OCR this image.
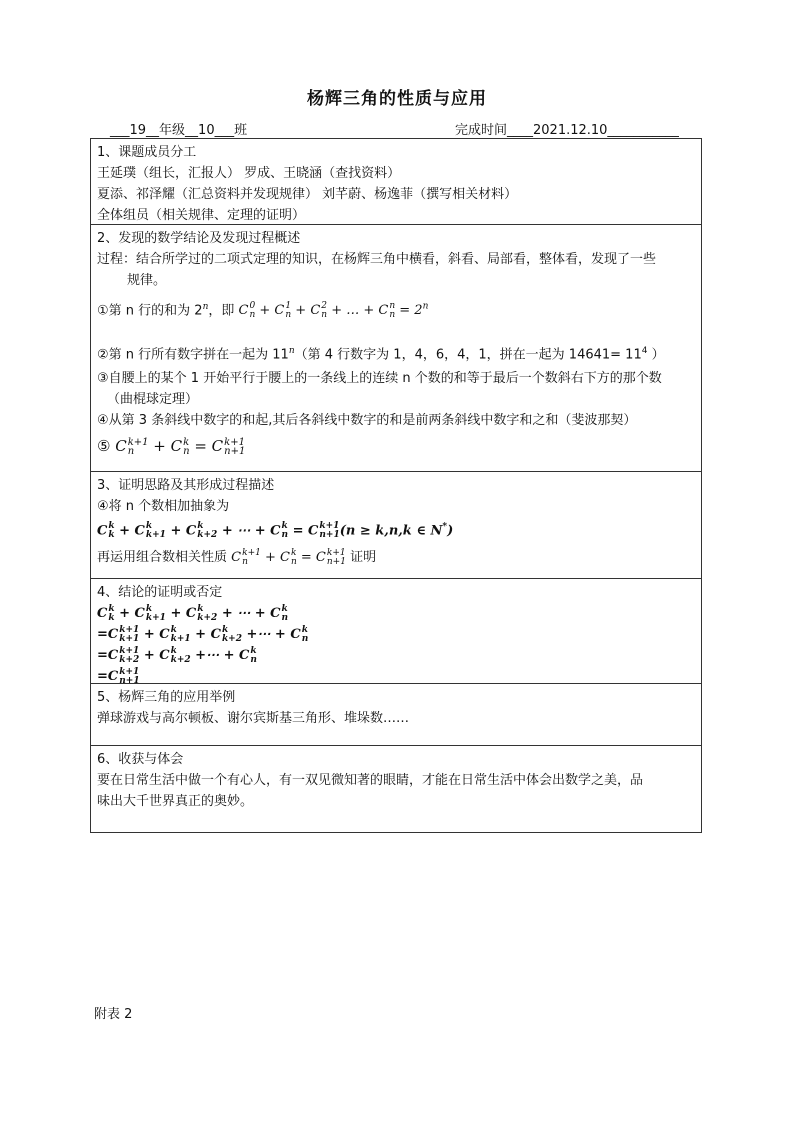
杨辉三角的性质与应用
___19__年级__10___班	完成时间____2021.12.10___________
1、课题成员分工
王延璞（组长，汇报人） 罗成、王晓涵（查找资料）
夏添、祁泽耀（汇总资料并发现规律） 刘芊蔚、杨逸菲（撰写相关材料）
全体组员（相关规律、定理的证明）
2、发现的数学结论及发现过程概述
过程：结合所学过的二项式定理的知识，在杨辉三角中横看，斜看、局部看，整体看，发现了一些
规律。
①第 n 行的和为 2$^n$，即 C 0
n + C 1
n + C 2
n + … + C n
$n = 2^n$
②第 n 行所有数字拼在一起为 11$^n$（第 4 行数字为 1，4，6，4，1，拼在一起为 $14641= 11^4$ ）
③自腰上的某个 1 开始平行于腰上的一条线上的连续 n 个数的和等于最后一个数斜右下方的那个数
（曲棍球定理）
④从第 3 条斜线中数字的和起,其后各斜线中数字的和是前两条斜线中数字和之和（斐波那契）
⑤ C k+1
n + C k
n = C k+1
n+1
3、证明思路及其形成过程描述
④将 n 个数相加抽象为
C k
k + C k
k+1 + C k
k+2 + ⋯ + C k
n = C k+1
n+1 (n ≥ k,n,k ∈ N*)
再运用组合数相关性质 C k+1
n + C k
n = C k+1
n+1 证明
4、结论的证明或否定
C k
k + C k
k+1 + C k
k+2 + ⋯ + C k
n
=C k+1
k+1 + C k
k+1 + C k
k+2 +⋯ + C k
n
=C k+1
k+2 + C k
k+2 +⋯ + C k
n
=C k+1
n+1
5、杨辉三角的应用举例
弹球游戏与高尔顿板、谢尔宾斯基三角形、堆垛数……
6、收获与体会
要在日常生活中做一个有心人，有一双见微知著的眼睛，才能在日常生活中体会出数学之美，品
味出大千世界真正的奥妙。
附表 2
